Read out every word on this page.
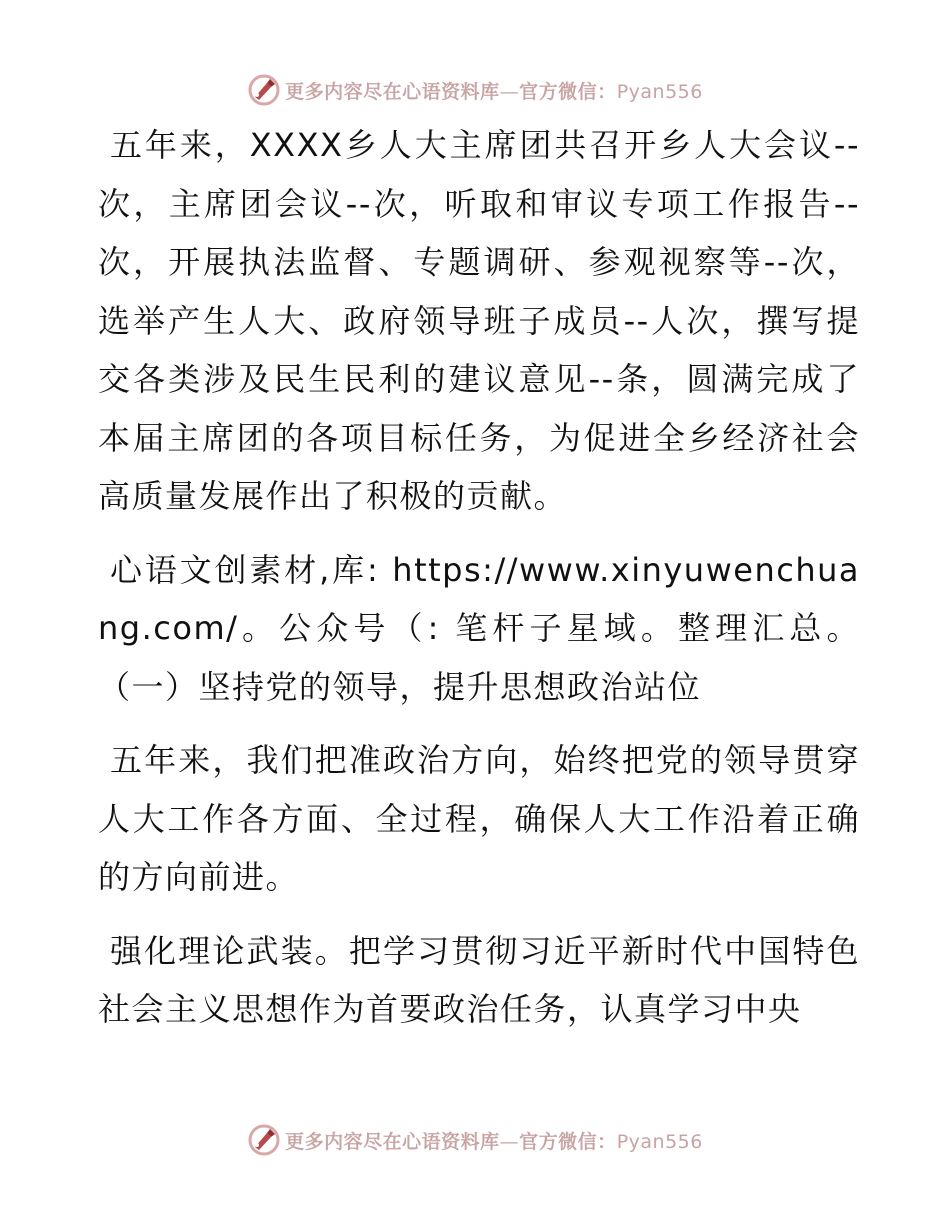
更多内容尽在心语资料库—官方微信：Pyan556

五年来，XXXX乡人大主席团共召开乡人大会议--次，主席团会议--次，听取和审议专项工作报告--次，开展执法监督、专题调研、参观视察等--次，选举产生人大、政府领导班子成员--人次，撰写提交各类涉及民生民利的建议意见--条，圆满完成了本届主席团的各项目标任务，为促进全乡经济社会高质量发展作出了积极的贡献。

心语文创素材,库: https://www.xinyuwenchuang.com/。公众号（: 笔杆子星域。整理汇总。（一）坚持党的领导，提升思想政治站位

五年来，我们把准政治方向，始终把党的领导贯穿人大工作各方面、全过程，确保人大工作沿着正确的方向前进。

强化理论武装。把学习贯彻习近平新时代中国特色社会主义思想作为首要政治任务，认真学习中央

更多内容尽在心语资料库—官方微信：Pyan556
